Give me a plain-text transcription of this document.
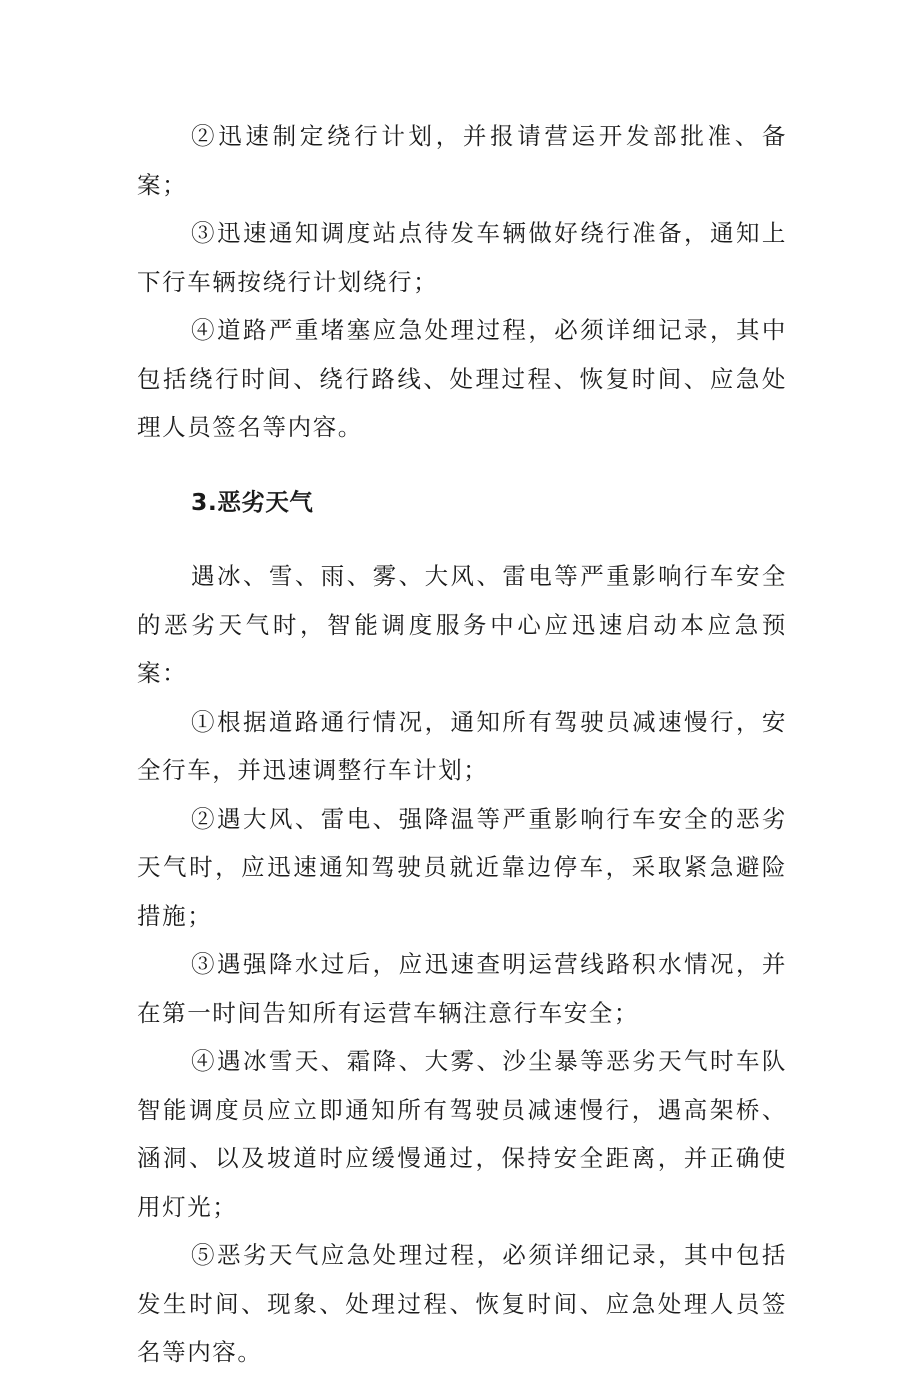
②迅速制定绕行计划，并报请营运开发部批准、备案；

③迅速通知调度站点待发车辆做好绕行准备，通知上下行车辆按绕行计划绕行；

④道路严重堵塞应急处理过程，必须详细记录，其中包括绕行时间、绕行路线、处理过程、恢复时间、应急处理人员签名等内容。

3.恶劣天气

遇冰、雪、雨、雾、大风、雷电等严重影响行车安全的恶劣天气时，智能调度服务中心应迅速启动本应急预案：

①根据道路通行情况，通知所有驾驶员减速慢行，安全行车，并迅速调整行车计划；

②遇大风、雷电、强降温等严重影响行车安全的恶劣天气时，应迅速通知驾驶员就近靠边停车，采取紧急避险措施；

③遇强降水过后，应迅速查明运营线路积水情况，并在第一时间告知所有运营车辆注意行车安全；

④遇冰雪天、霜降、大雾、沙尘暴等恶劣天气时车队智能调度员应立即通知所有驾驶员减速慢行，遇高架桥、涵洞、以及坡道时应缓慢通过，保持安全距离，并正确使用灯光；

⑤恶劣天气应急处理过程，必须详细记录，其中包括发生时间、现象、处理过程、恢复时间、应急处理人员签名等内容。
